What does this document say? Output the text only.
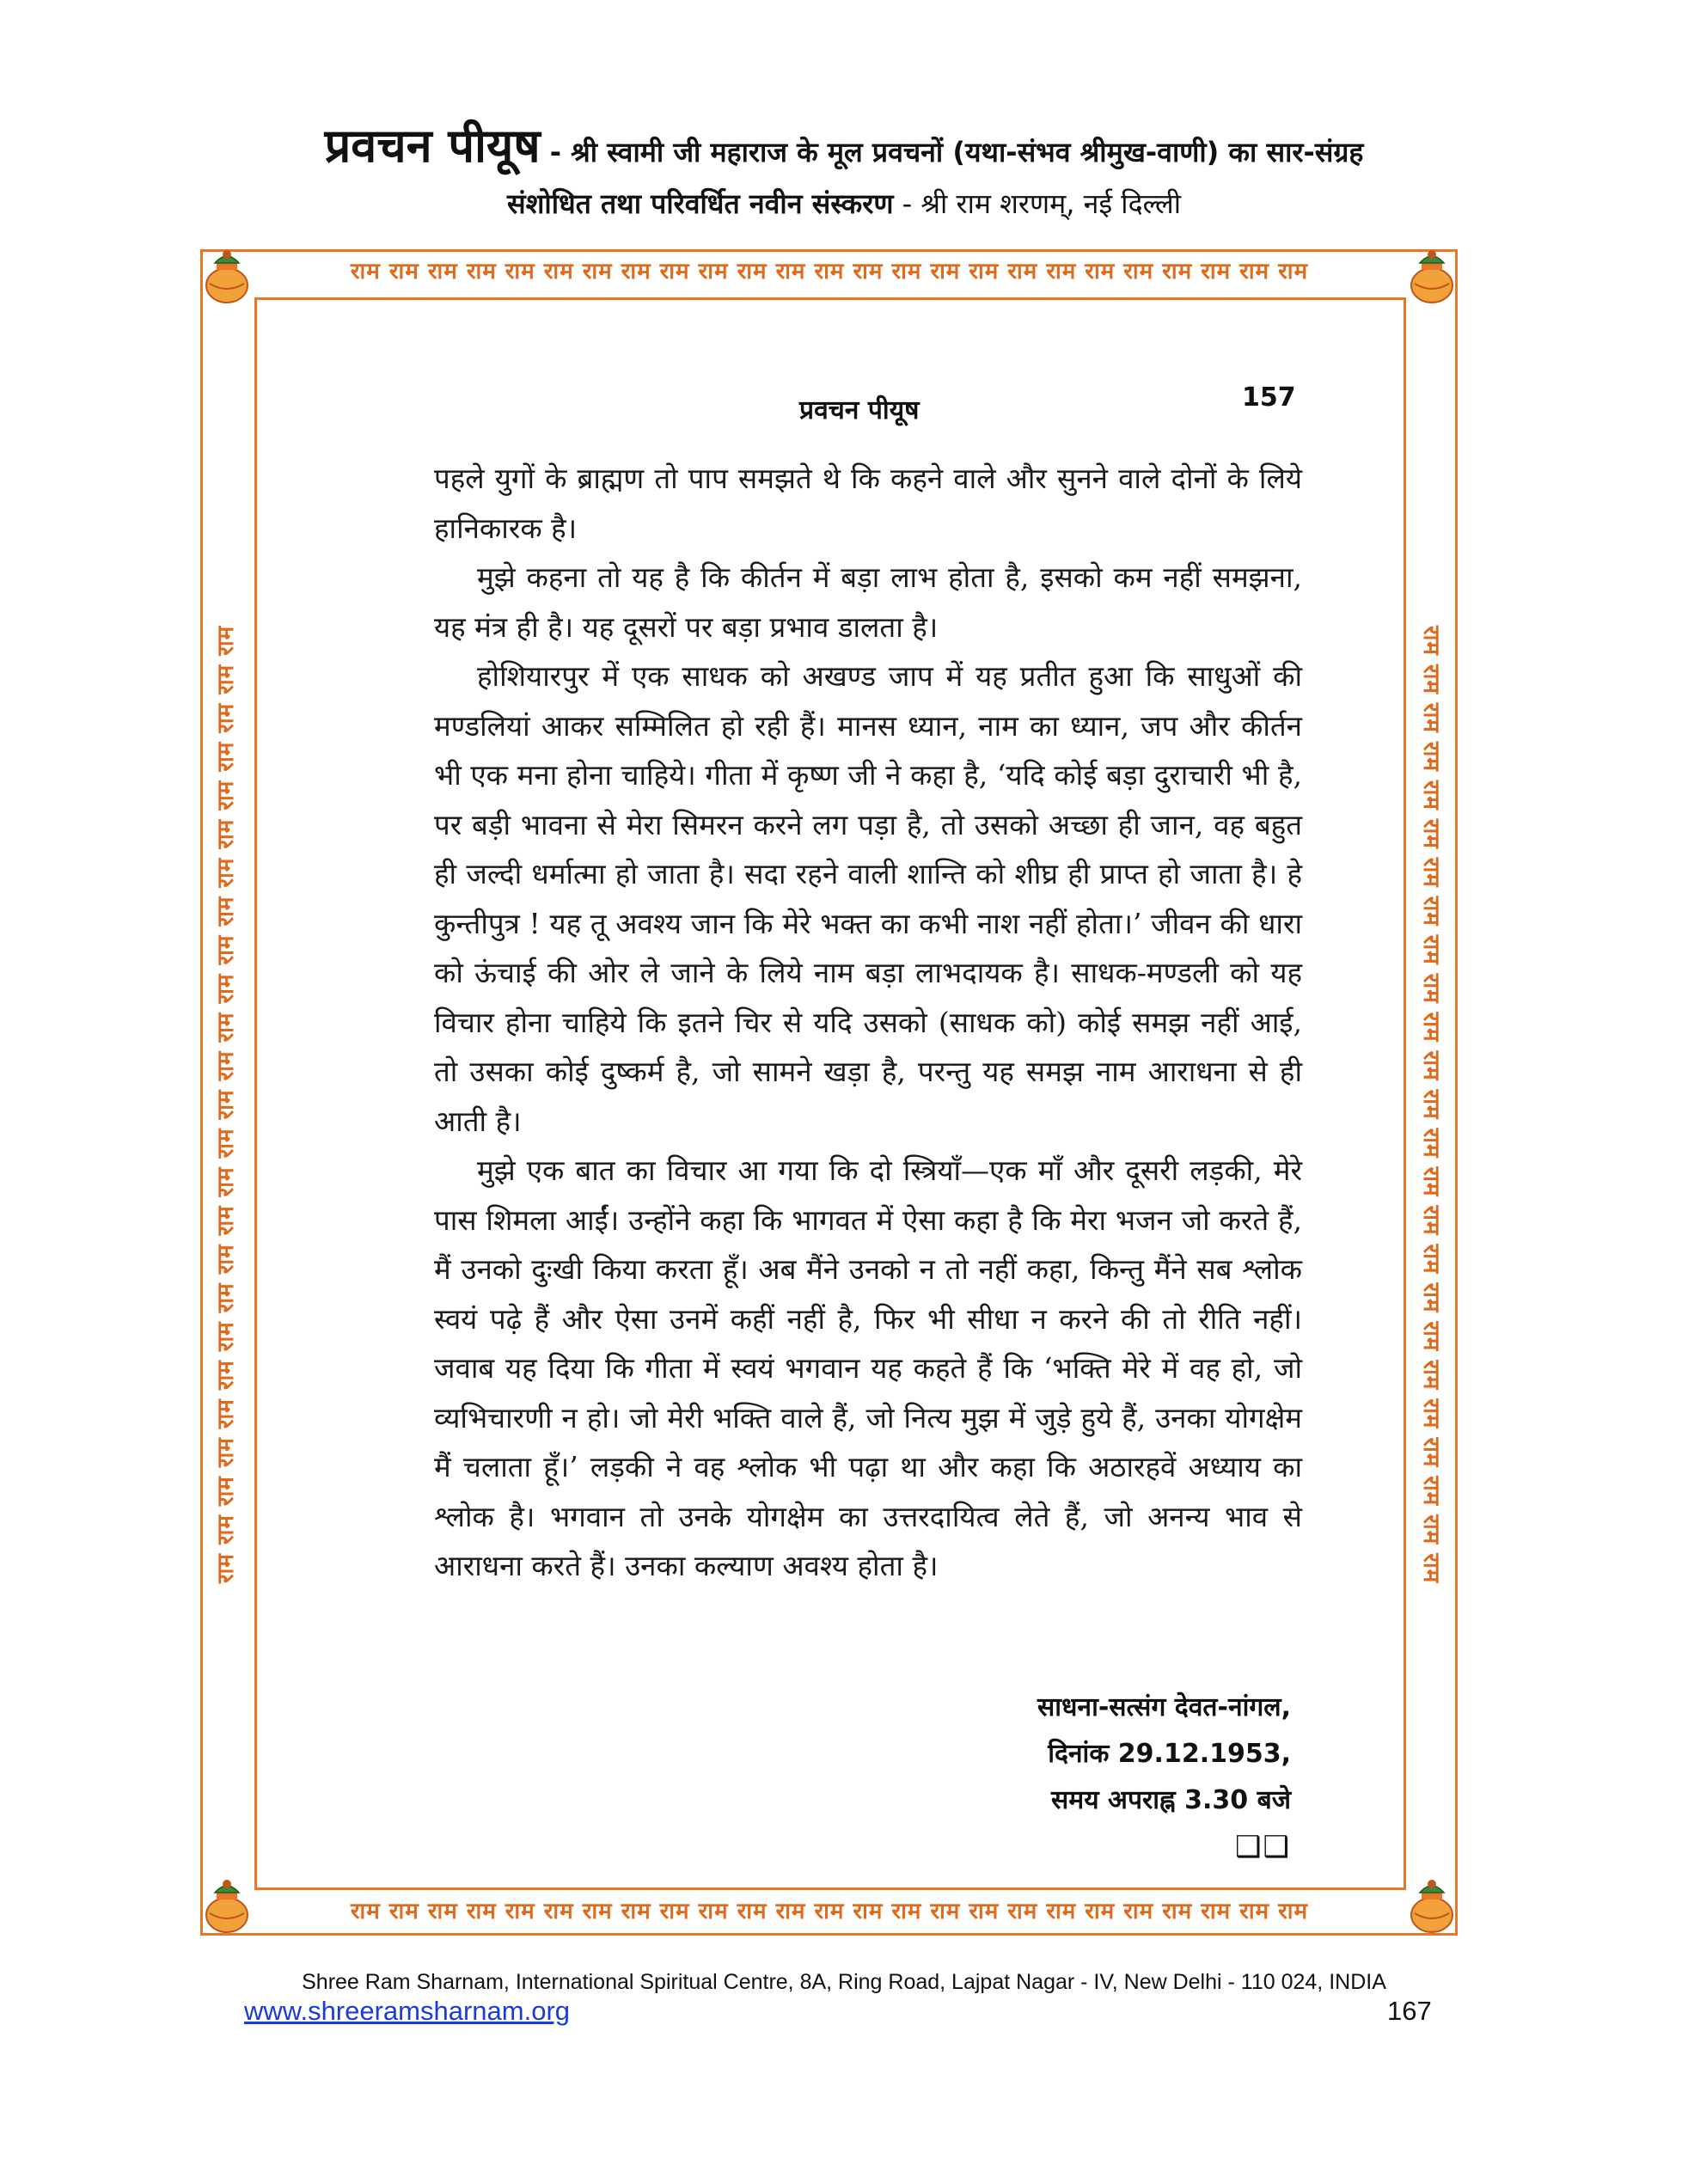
प्रवचन पीयूष - श्री स्वामी जी महाराज के मूल प्रवचनों (यथा-संभव श्रीमुख-वाणी) का सार-संग्रह
संशोधित तथा परिवर्धित नवीन संस्करण - श्री राम शरणम्, नई दिल्ली
राम राम राम राम राम राम राम राम राम राम राम राम राम राम राम राम राम राम राम राम राम राम राम राम राम
राम राम राम राम राम राम राम राम राम राम राम राम राम राम राम राम राम राम राम राम राम राम राम राम राम
राम राम राम राम राम राम राम राम राम राम राम राम राम राम राम राम राम राम राम राम राम राम राम राम राम	राम राम राम राम राम राम राम राम राम राम राम राम राम राम राम राम राम राम राम राम राम राम राम राम राम
प्रवचन पीयूष	157

पहले युगों के ब्राह्मण तो पाप समझते थे कि कहने वाले और सुनने वाले दोनों के लिये हानिकारक है।

मुझे कहना तो यह है कि कीर्तन में बड़ा लाभ होता है, इसको कम नहीं समझना, यह मंत्र ही है। यह दूसरों पर बड़ा प्रभाव डालता है।

होशियारपुर में एक साधक को अखण्ड जाप में यह प्रतीत हुआ कि साधुओं की मण्डलियां आकर सम्मिलित हो रही हैं। मानस ध्यान, नाम का ध्यान, जप और कीर्तन भी एक मना होना चाहिये। गीता में कृष्ण जी ने कहा है, ‘यदि कोई बड़ा दुराचारी भी है, पर बड़ी भावना से मेरा सिमरन करने लग पड़ा है, तो उसको अच्छा ही जान, वह बहुत ही जल्दी धर्मात्मा हो जाता है। सदा रहने वाली शान्ति को शीघ्र ही प्राप्त हो जाता है। हे कुन्तीपुत्र ! यह तू अवश्य जान कि मेरे भक्त का कभी नाश नहीं होता।’ जीवन की धारा को ऊंचाई की ओर ले जाने के लिये नाम बड़ा लाभदायक है। साधक-मण्डली को यह विचार होना चाहिये कि इतने चिर से यदि उसको (साधक को) कोई समझ नहीं आई, तो उसका कोई दुष्कर्म है, जो सामने खड़ा है, परन्तु यह समझ नाम आराधना से ही आती है।

मुझे एक बात का विचार आ गया कि दो स्त्रियाँ—एक माँ और दूसरी लड़की, मेरे पास शिमला आईं। उन्होंने कहा कि भागवत में ऐसा कहा है कि मेरा भजन जो करते हैं, मैं उनको दुःखी किया करता हूँ। अब मैंने उनको न तो नहीं कहा, किन्तु मैंने सब श्लोक स्वयं पढ़े हैं और ऐसा उनमें कहीं नहीं है, फिर भी सीधा न करने की तो रीति नहीं। जवाब यह दिया कि गीता में स्वयं भगवान यह कहते हैं कि ‘भक्ति मेरे में वह हो, जो व्यभिचारणी न हो। जो मेरी भक्ति वाले हैं, जो नित्य मुझ में जुड़े हुये हैं, उनका योगक्षेम मैं चलाता हूँ।’ लड़की ने वह श्लोक भी पढ़ा था और कहा कि अठारहवें अध्याय का श्लोक है। भगवान तो उनके योगक्षेम का उत्तरदायित्व लेते हैं, जो अनन्य भाव से आराधना करते हैं। उनका कल्याण अवश्य होता है।

साधना-सत्संग देवत-नांगल,
दिनांक 29.12.1953,
समय अपराह्न 3.30 बजे
❑❑
Shree Ram Sharnam, International Spiritual Centre, 8A, Ring Road, Lajpat Nagar - IV, New Delhi - 110 024, INDIA
www.shreeramsharnam.org	167
